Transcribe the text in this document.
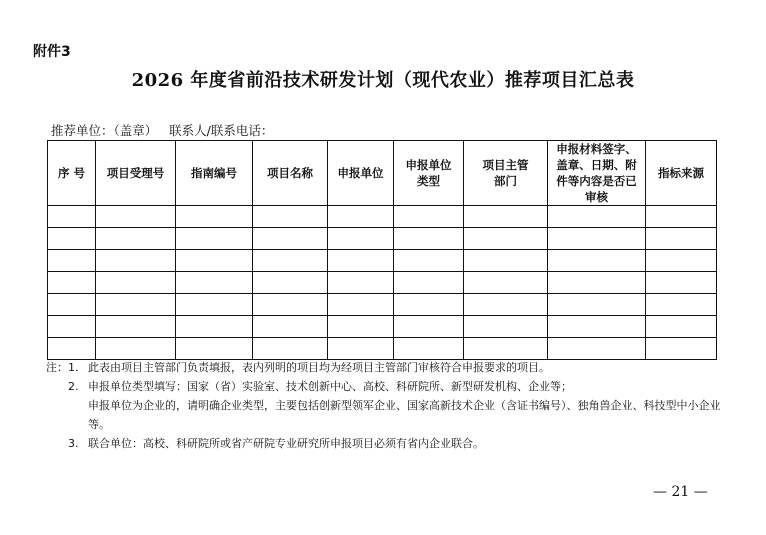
附件3
2026 年度省前沿技术研发计划（现代农业）推荐项目汇总表
推荐单位：（盖章）   联系人/联系电话：
序 号	项目受理号	指南编号	项目名称	申报单位	申报单位类型	项目主管部门	申报材料签字、盖章、日期、附件等内容是否已审核	指标来源

注： 1. 此表由项目主管部门负责填报，表内列明的项目均为经项目主管部门审核符合申报要求的项目。
2. 申报单位类型填写：国家（省）实验室、技术创新中心、高校、科研院所、新型研发机构、企业等；
申报单位为企业的，请明确企业类型，主要包括创新型领军企业、国家高新技术企业（含证书编号）、独角兽企业、科技型中小企业等。
3. 联合单位：高校、科研院所或省产研院专业研究所申报项目必须有省内企业联合。
— 21 —
